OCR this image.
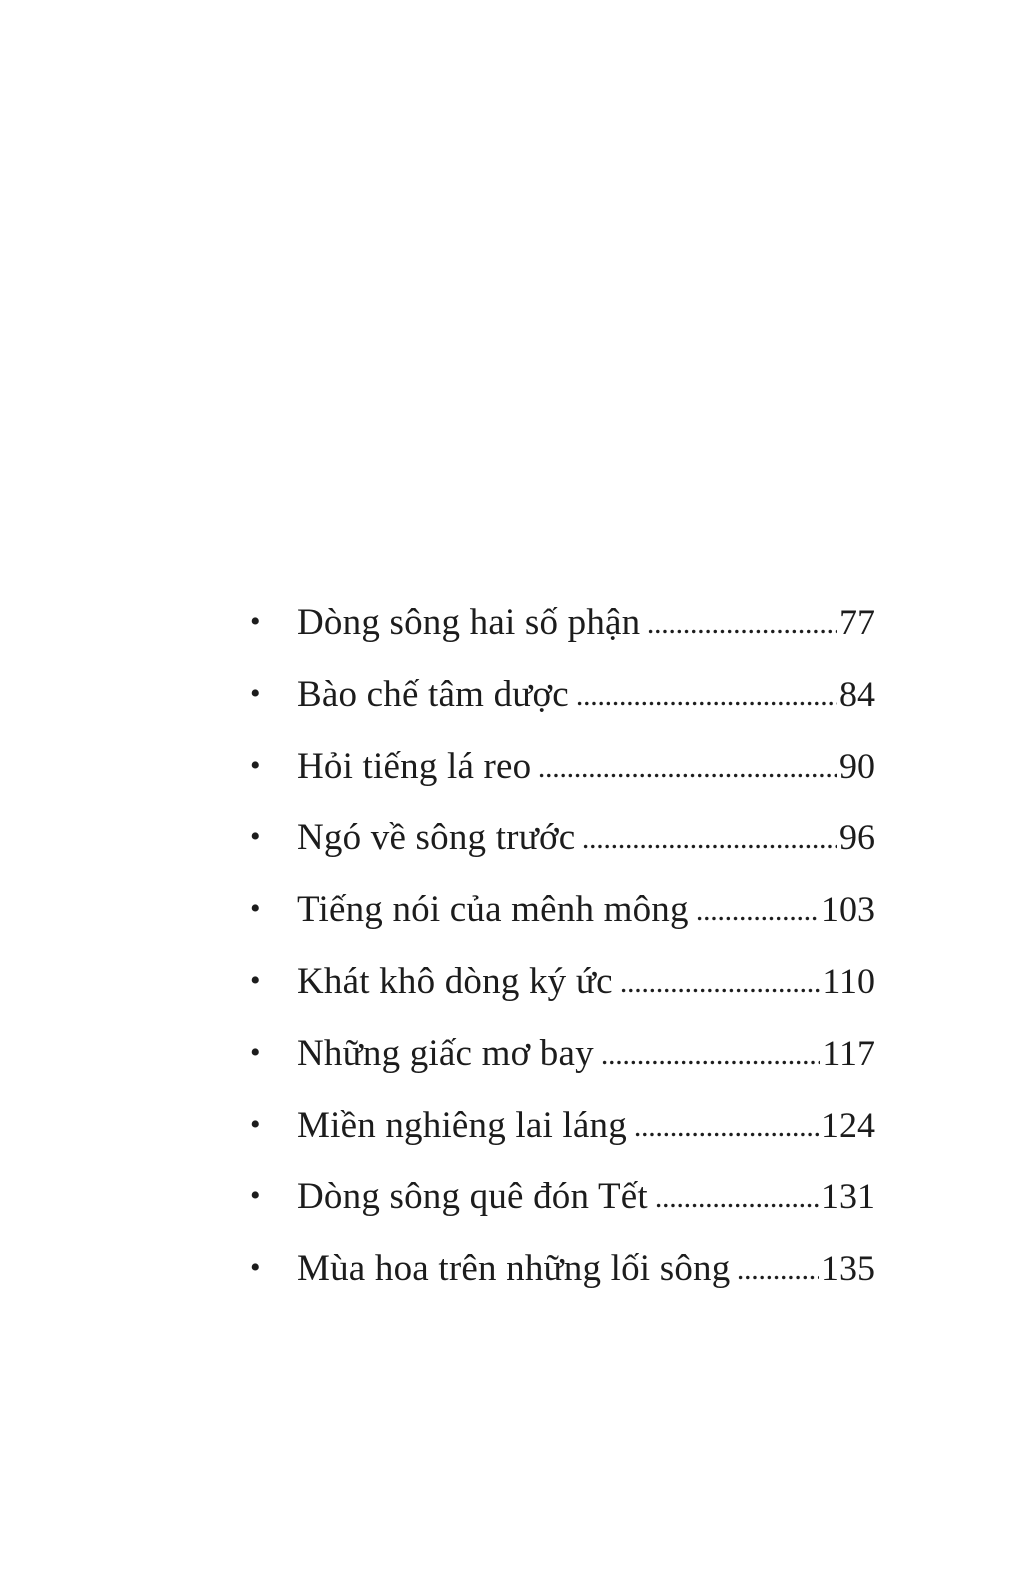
• Dòng sông hai số phận	77
• Bào chế tâm dược	84
• Hỏi tiếng lá reo	90
• Ngó về sông trước	96
• Tiếng nói của mênh mông	103
• Khát khô dòng ký ức	110
• Những giấc mơ bay	117
• Miền nghiêng lai láng	124
• Dòng sông quê đón Tết	131
• Mùa hoa trên những lối sông	135
